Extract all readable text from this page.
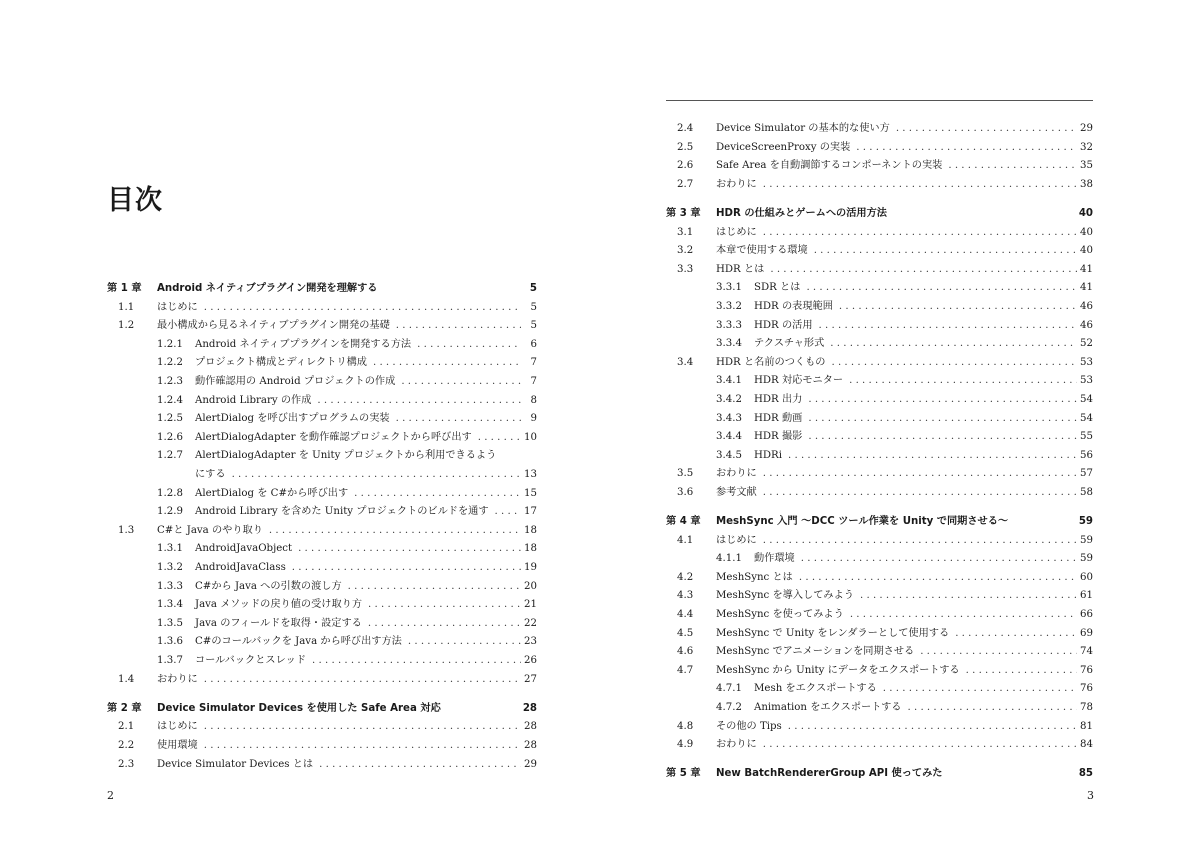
目次
第 1 章 Android ネイティブプラグイン開発を理解する	5
1.1 はじめに . . .	5
1.2 最小構成から見るネイティブプラグイン開発の基礎 . . .	5
1.2.1 Android ネイティブプラグインを開発する方法 . . .	6
1.2.2 プロジェクト構成とディレクトリ構成 . . .	7
1.2.3 動作確認用の Android プロジェクトの作成 . . .	7
1.2.4 Android Library の作成 . . .	8
1.2.5 AlertDialog を呼び出すプログラムの実装 . . .	9
1.2.6 AlertDialogAdapter を動作確認プロジェクトから呼び出す . . .	10
1.2.7 AlertDialogAdapter を Unity プロジェクトから利用できるよう
にする . . .	13
1.2.8 AlertDialog を C#から呼び出す . . .	15
1.2.9 Android Library を含めた Unity プロジェクトのビルドを通す . . .	17
1.3 C#と Java のやり取り . . .	18
1.3.1 AndroidJavaObject . . .	18
1.3.2 AndroidJavaClass . . .	19
1.3.3 C#から Java への引数の渡し方 . . .	20
1.3.4 Java メソッドの戻り値の受け取り方 . . .	21
1.3.5 Java のフィールドを取得・設定する . . .	22
1.3.6 C#のコールバックを Java から呼び出す方法 . . .	23
1.3.7 コールバックとスレッド . . .	26
1.4 おわりに . . .	27
第 2 章 Device Simulator Devices を使用した Safe Area 対応	28
2.1 はじめに . . .	28
2.2 使用環境 . . .	28
2.3 Device Simulator Devices とは . . .	29
2
2.4 Device Simulator の基本的な使い方 . . .	29
2.5 DeviceScreenProxy の実装 . . .	32
2.6 Safe Area を自動調節するコンポーネントの実装 . . .	35
2.7 おわりに . . .	38
第 3 章 HDR の仕組みとゲームへの活用方法	40
3.1 はじめに . . .	40
3.2 本章で使用する環境 . . .	40
3.3 HDR とは . . .	41
3.3.1 SDR とは . . .	41
3.3.2 HDR の表現範囲 . . .	46
3.3.3 HDR の活用 . . .	46
3.3.4 テクスチャ形式 . . .	52
3.4 HDR と名前のつくもの . . .	53
3.4.1 HDR 対応モニター . . .	53
3.4.2 HDR 出力 . . .	54
3.4.3 HDR 動画 . . .	54
3.4.4 HDR 撮影 . . .	55
3.4.5 HDRi . . .	56
3.5 おわりに . . .	57
3.6 参考文献 . . .	58
第 4 章 MeshSync 入門 〜DCC ツール作業を Unity で同期させる〜	59
4.1 はじめに . . .	59
4.1.1 動作環境 . . .	59
4.2 MeshSync とは . . .	60
4.3 MeshSync を導入してみよう . . .	61
4.4 MeshSync を使ってみよう . . .	66
4.5 MeshSync で Unity をレンダラーとして使用する . . .	69
4.6 MeshSync でアニメーションを同期させる . . .	74
4.7 MeshSync から Unity にデータをエクスポートする . . .	76
4.7.1 Mesh をエクスポートする . . .	76
4.7.2 Animation をエクスポートする . . .	78
4.8 その他の Tips . . .	81
4.9 おわりに . . .	84
第 5 章 New BatchRendererGroup API 使ってみた	85
3
